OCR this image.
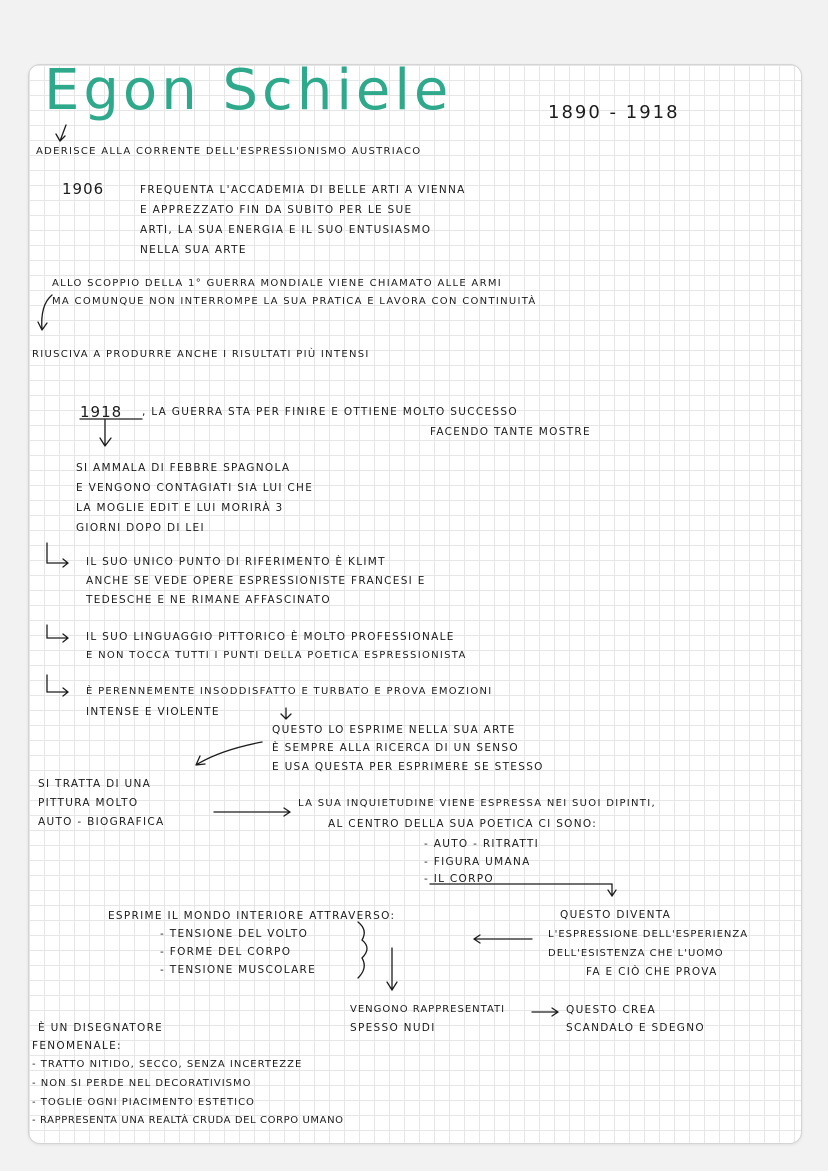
Egon Schiele	1890 - 1918
ADERISCE ALLA CORRENTE DELL'ESPRESSIONISMO AUSTRIACO
1906	FREQUENTA L'ACCADEMIA DI BELLE ARTI A VIENNA
E APPREZZATO FIN DA SUBITO PER LE SUE
ARTI, LA SUA ENERGIA E IL SUO ENTUSIASMO
NELLA SUA ARTE
ALLO SCOPPIO DELLA 1° GUERRA MONDIALE VIENE CHIAMATO ALLE ARMI
MA COMUNQUE NON INTERROMPE LA SUA PRATICA E LAVORA CON CONTINUITÀ
RIUSCIVA A PRODURRE ANCHE I RISULTATI PIÙ INTENSI
1918 , LA GUERRA STA PER FINIRE E OTTIENE MOLTO SUCCESSO
FACENDO TANTE MOSTRE
SI AMMALA DI FEBBRE SPAGNOLA
E VENGONO CONTAGIATI SIA LUI CHE
LA MOGLIE EDIT E LUI MORIRÀ 3
GIORNI DOPO DI LEI
IL SUO UNICO PUNTO DI RIFERIMENTO È KLIMT
ANCHE SE VEDE OPERE ESPRESSIONISTE FRANCESI E
TEDESCHE E NE RIMANE AFFASCINATO
IL SUO LINGUAGGIO PITTORICO È MOLTO PROFESSIONALE
E NON TOCCA TUTTI I PUNTI DELLA POETICA ESPRESSIONISTA
È PERENNEMENTE INSODDISFATTO E TURBATO E PROVA EMOZIONI
INTENSE E VIOLENTE
QUESTO LO ESPRIME NELLA SUA ARTE
È SEMPRE ALLA RICERCA DI UN SENSO
E USA QUESTA PER ESPRIMERE SE STESSO
SI TRATTA DI UNA
PITTURA MOLTO
AUTO - BIOGRAFICA
LA SUA INQUIETUDINE VIENE ESPRESSA NEI SUOI DIPINTI,
AL CENTRO DELLA SUA POETICA CI SONO:
- AUTO - RITRATTI
- FIGURA UMANA
- IL CORPO
ESPRIME IL MONDO INTERIORE ATTRAVERSO:
- TENSIONE DEL VOLTO
- FORME DEL CORPO
- TENSIONE MUSCOLARE
QUESTO DIVENTA
L'ESPRESSIONE DELL'ESPERIENZA
DELL'ESISTENZA CHE L'UOMO
FA E CIÒ CHE PROVA
VENGONO RAPPRESENTATI
SPESSO NUDI
QUESTO CREA
SCANDALO E SDEGNO
È UN DISEGNATORE
FENOMENALE:
- TRATTO NITIDO, SECCO, SENZA INCERTEZZE
- NON SI PERDE NEL DECORATIVISMO
- TOGLIE OGNI PIACIMENTO ESTETICO
- RAPPRESENTA UNA REALTÀ CRUDA DEL CORPO UMANO
